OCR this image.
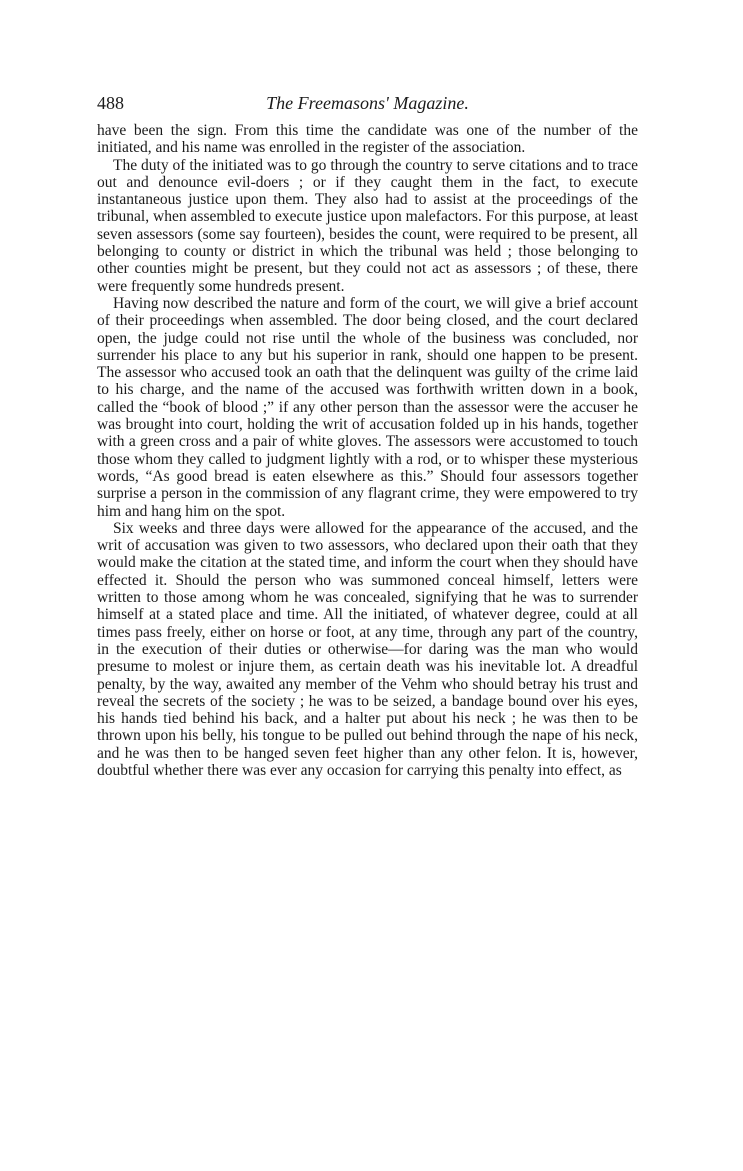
488	The Freemasons' Magazine.

have been the sign. From this time the candidate was one of the number of the initiated, and his name was enrolled in the register of the association.

The duty of the initiated was to go through the country to serve citations and to trace out and denounce evil-doers ; or if they caught them in the fact, to execute instantaneous justice upon them. They also had to assist at the proceedings of the tribunal, when assembled to execute justice upon malefactors. For this purpose, at least seven assessors (some say fourteen), besides the count, were required to be present, all belonging to county or district in which the tribunal was held ; those belonging to other counties might be present, but they could not act as assessors ; of these, there were frequently some hundreds present.

Having now described the nature and form of the court, we will give a brief account of their proceedings when assembled. The door being closed, and the court declared open, the judge could not rise until the whole of the business was concluded, nor surrender his place to any but his superior in rank, should one happen to be present. The assessor who accused took an oath that the delinquent was guilty of the crime laid to his charge, and the name of the accused was forthwith written down in a book, called the “book of blood ;” if any other person than the assessor were the accuser he was brought into court, holding the writ of accusation folded up in his hands, together with a green cross and a pair of white gloves. The assessors were accustomed to touch those whom they called to judgment lightly with a rod, or to whisper these mysterious words, “As good bread is eaten elsewhere as this.” Should four assessors together surprise a person in the commission of any flagrant crime, they were empowered to try him and hang him on the spot.

Six weeks and three days were allowed for the appearance of the accused, and the writ of accusation was given to two assessors, who declared upon their oath that they would make the citation at the stated time, and inform the court when they should have effected it. Should the person who was summoned conceal himself, letters were written to those among whom he was concealed, signifying that he was to surrender himself at a stated place and time. All the initiated, of whatever degree, could at all times pass freely, either on horse or foot, at any time, through any part of the country, in the execution of their duties or otherwise—for daring was the man who would presume to molest or injure them, as certain death was his inevitable lot. A dreadful penalty, by the way, awaited any member of the Vehm who should betray his trust and reveal the secrets of the society ; he was to be seized, a bandage bound over his eyes, his hands tied behind his back, and a halter put about his neck ; he was then to be thrown upon his belly, his tongue to be pulled out behind through the nape of his neck, and he was then to be hanged seven feet higher than any other felon. It is, however, doubtful whether there was ever any occasion for carrying this penalty into effect, as
